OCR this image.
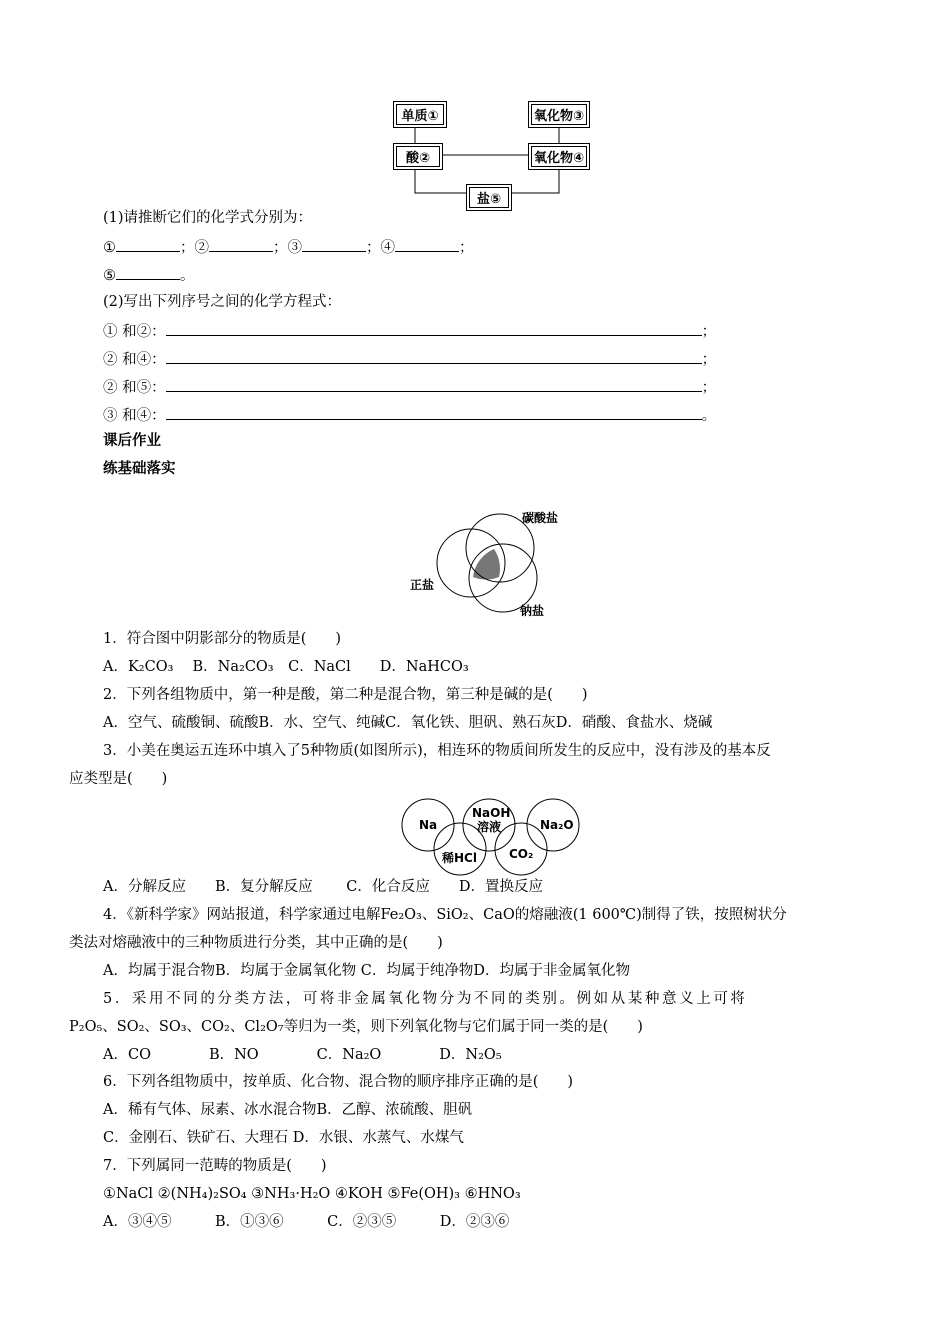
单质①
酸②
氧化物③
氧化物④
盐⑤
(1)请推断它们的化学式分别为：
①	；②	；③	；④	；
⑤	。
(2)写出下列序号之间的化学方程式：
① 和②：	；
② 和④：	；
② 和⑤：	；
③ 和④：	。
课后作业
练基础落实
碳酸盐
正盐
钠盐
1．符合图中阴影部分的物质是(　　)
A．K₂CO₃　 B．Na₂CO₃　C．NaCl　　D．NaHCO₃
2．下列各组物质中，第一种是酸，第二种是混合物，第三种是碱的是(　　)
A．空气、硫酸铜、硫酸B．水、空气、纯碱C．氧化铁、胆矾、熟石灰D．硝酸、食盐水、烧碱
3．小美在奥运五连环中填入了5种物质(如图所示)，相连环的物质间所发生的反应中，没有涉及的基本反
应类型是(　　)
Na
NaOH
溶液	Na₂O
稀HCl	CO₂
A．分解反应　　B．复分解反应　　 C．化合反应　　D．置换反应
4．《新科学家》网站报道，科学家通过电解Fe₂O₃、SiO₂、CaO的熔融液(1 600℃)制得了铁，按照树状分
类法对熔融液中的三种物质进行分类，其中正确的是(　　)
A．均属于混合物B．均属于金属氧化物 C．均属于纯净物D．均属于非金属氧化物
5．采用不同的分类方法，可将非金属氧化物分为不同的类别。例如从某种意义上可将
P₂O₅、SO₂、SO₃、CO₂、Cl₂O₇等归为一类，则下列氧化物与它们属于同一类的是(　　)
A．CO　　　　B．NO　　　　C．Na₂O　　　　D．N₂O₅
6．下列各组物质中，按单质、化合物、混合物的顺序排序正确的是(　　)
A．稀有气体、尿素、冰水混合物B．乙醇、浓硫酸、胆矾
C．金刚石、铁矿石、大理石 D．水银、水蒸气、水煤气
7．下列属同一范畴的物质是(　　)
①NaCl ②(NH₄)₂SO₄ ③NH₃·H₂O ④KOH ⑤Fe(OH)₃ ⑥HNO₃
A．③④⑤　　　B．①③⑥　　　C．②③⑤　　　D．②③⑥
